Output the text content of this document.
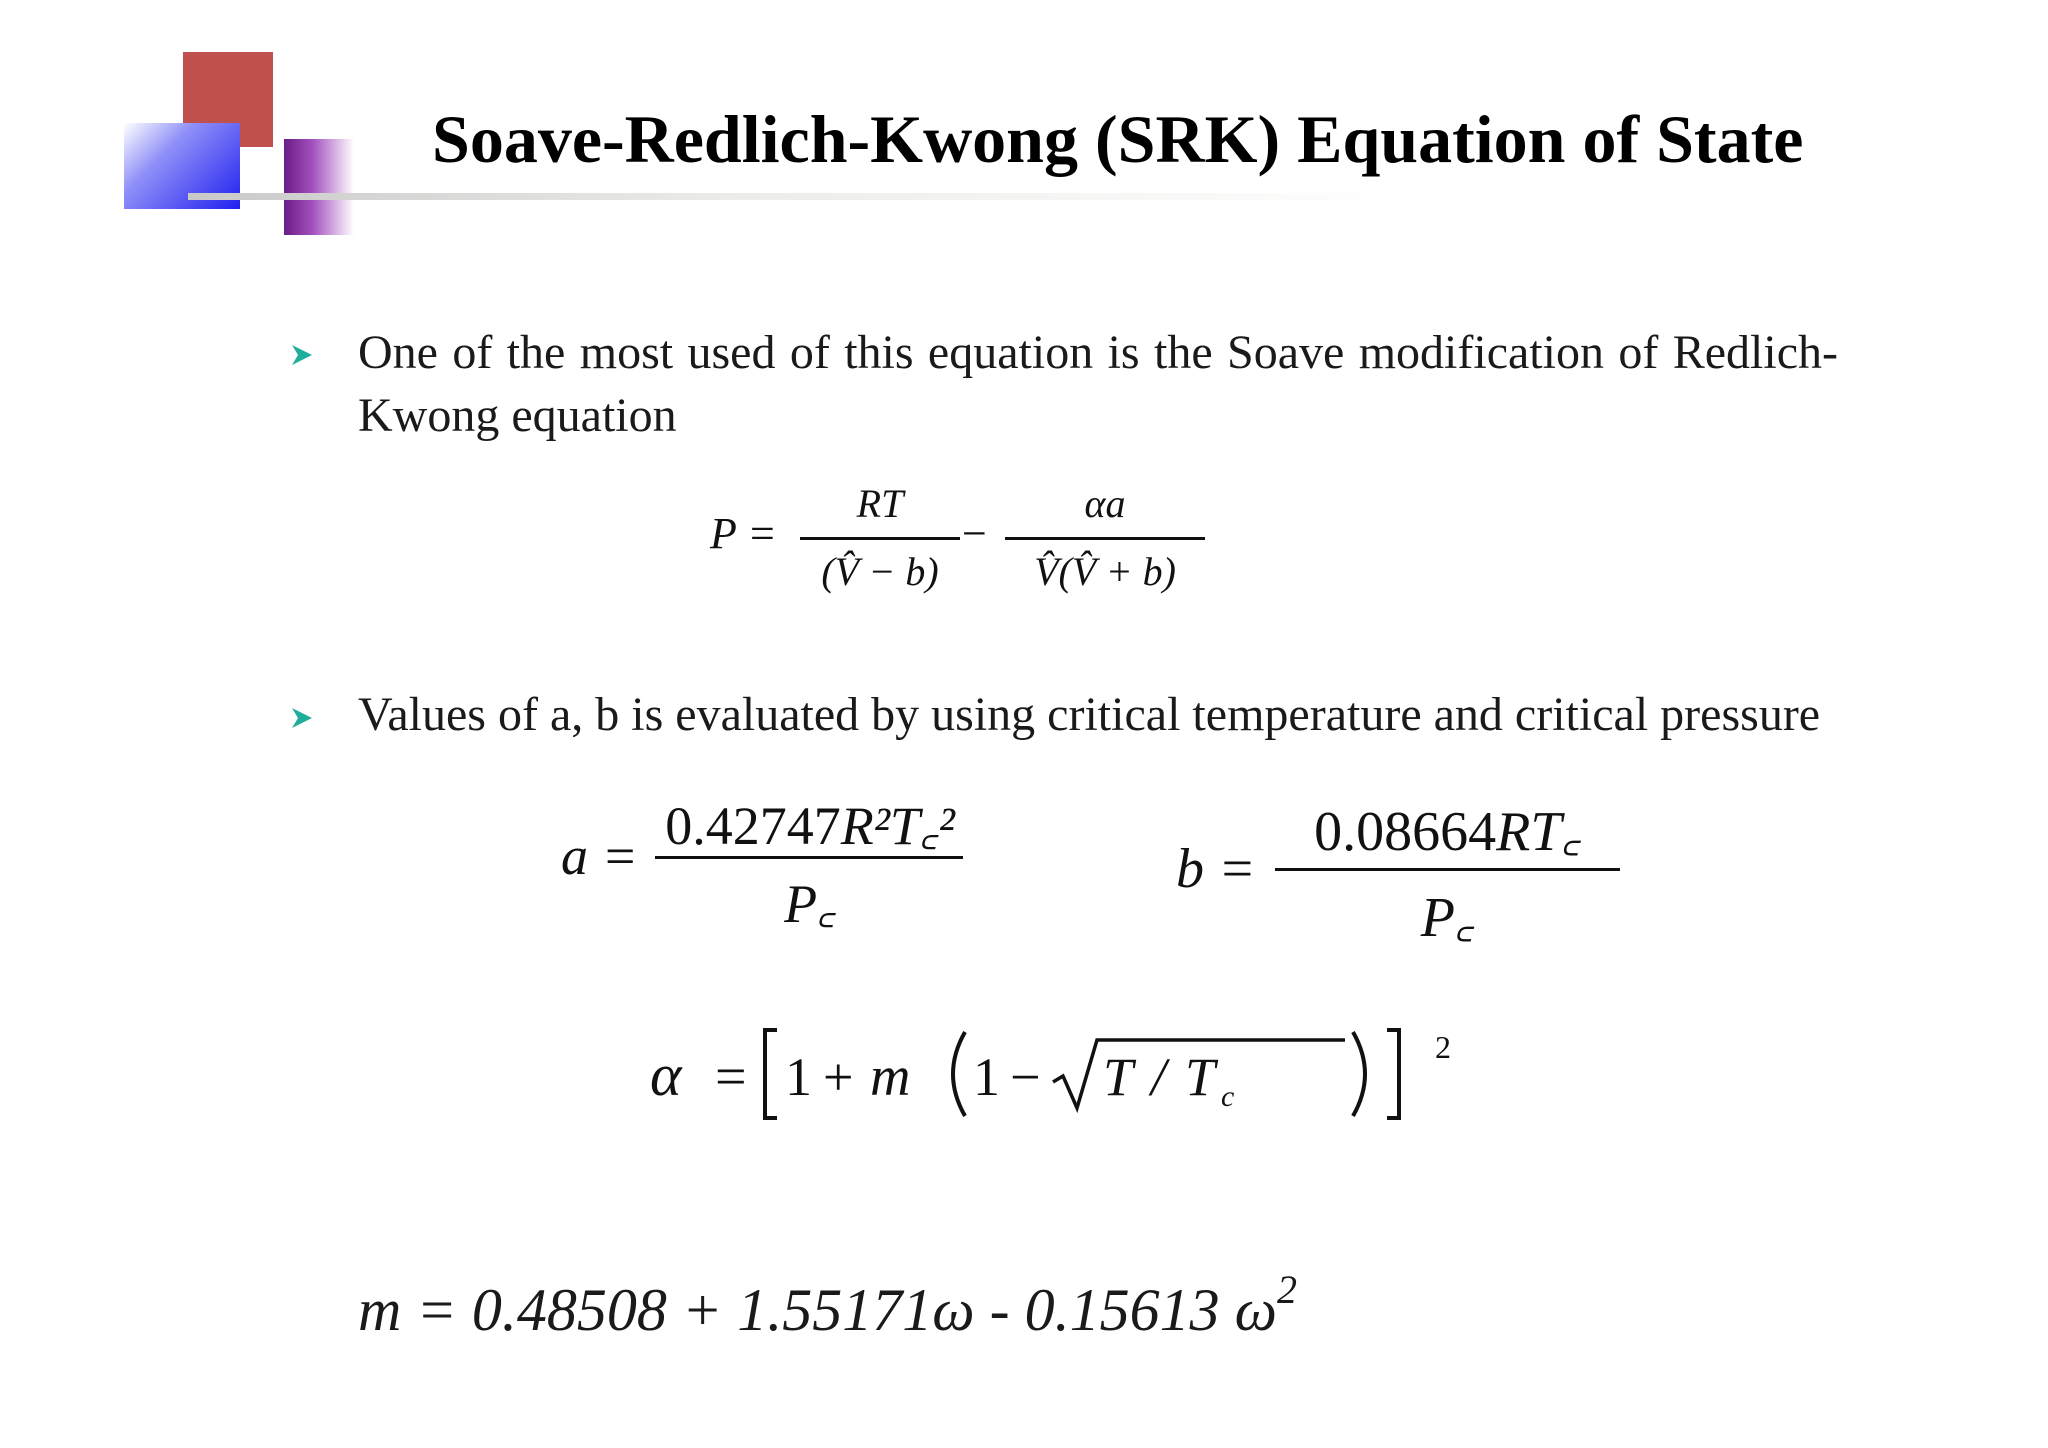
Soave-Redlich-Kwong (SRK) Equation of State
One of the most used of this equation is the Soave modification of Redlich-Kwong equation
P =
RT
(V̂ − b)
−
αa
V̂(V̂ + b)
Values of a, b is evaluated by using critical temperature and critical pressure
a = 0.42747R²T꜀²
P꜀
b =
0.08664RT꜀
P꜀
α = 1 + m 1 − T / T c
2
m = 0.48508 + 1.55171ω - 0.15613 $\omega^2$
